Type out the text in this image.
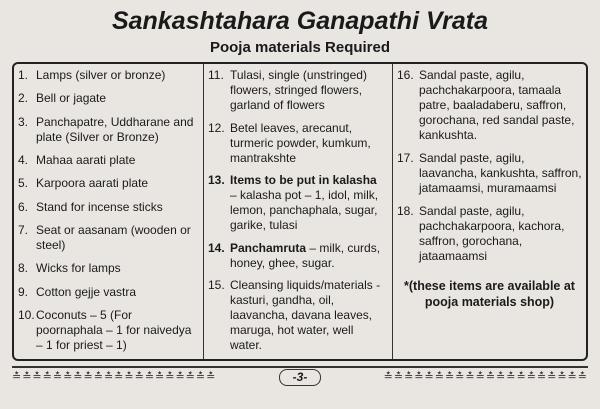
Sankashtahara Ganapathi Vrata
Pooja materials Required
1. Lamps (silver or bronze)
2. Bell or jagate
3. Panchapatre, Uddharane and plate (Silver or Bronze)
4. Mahaa aarati plate
5. Karpoora aarati plate
6. Stand for incense sticks
7. Seat or aasanam (wooden or steel)
8. Wicks for lamps
9. Cotton gejje vastra
10. Coconuts – 5 (For poornaphala – 1 for naivedya – 1 for priest – 1)
11. Tulasi, single (unstringed) flowers, stringed flowers, garland of flowers
12. Betel leaves, arecanut, turmeric powder, kumkum, mantrakshte
13. Items to be put in kalasha
– kalasha pot – 1, idol, milk, lemon, panchaphala, sugar, garike, tulasi
14. Panchamruta – milk, curds, honey, ghee, sugar.
15. Cleansing liquids/materials - kasturi, gandha, oil, laavancha, davana leaves, maruga, hot water, well water.
16. Sandal paste, agilu, pachchakarpoora, tamaala patre, baaladaberu, saffron, gorochana, red sandal paste, kankushta.
17. Sandal paste, agilu, laavancha, kankushta, saffron, jatamaamsi, muramaamsi
18. Sandal paste, agilu, pachchakarpoora, kachora, saffron, gorochana, jataamaamsi
*(these items are available at pooja materials shop)
≛≛≛≛≛≛≛≛≛≛≛≛≛≛≛≛≛≛≛≛	-3-	≛≛≛≛≛≛≛≛≛≛≛≛≛≛≛≛≛≛≛≛
